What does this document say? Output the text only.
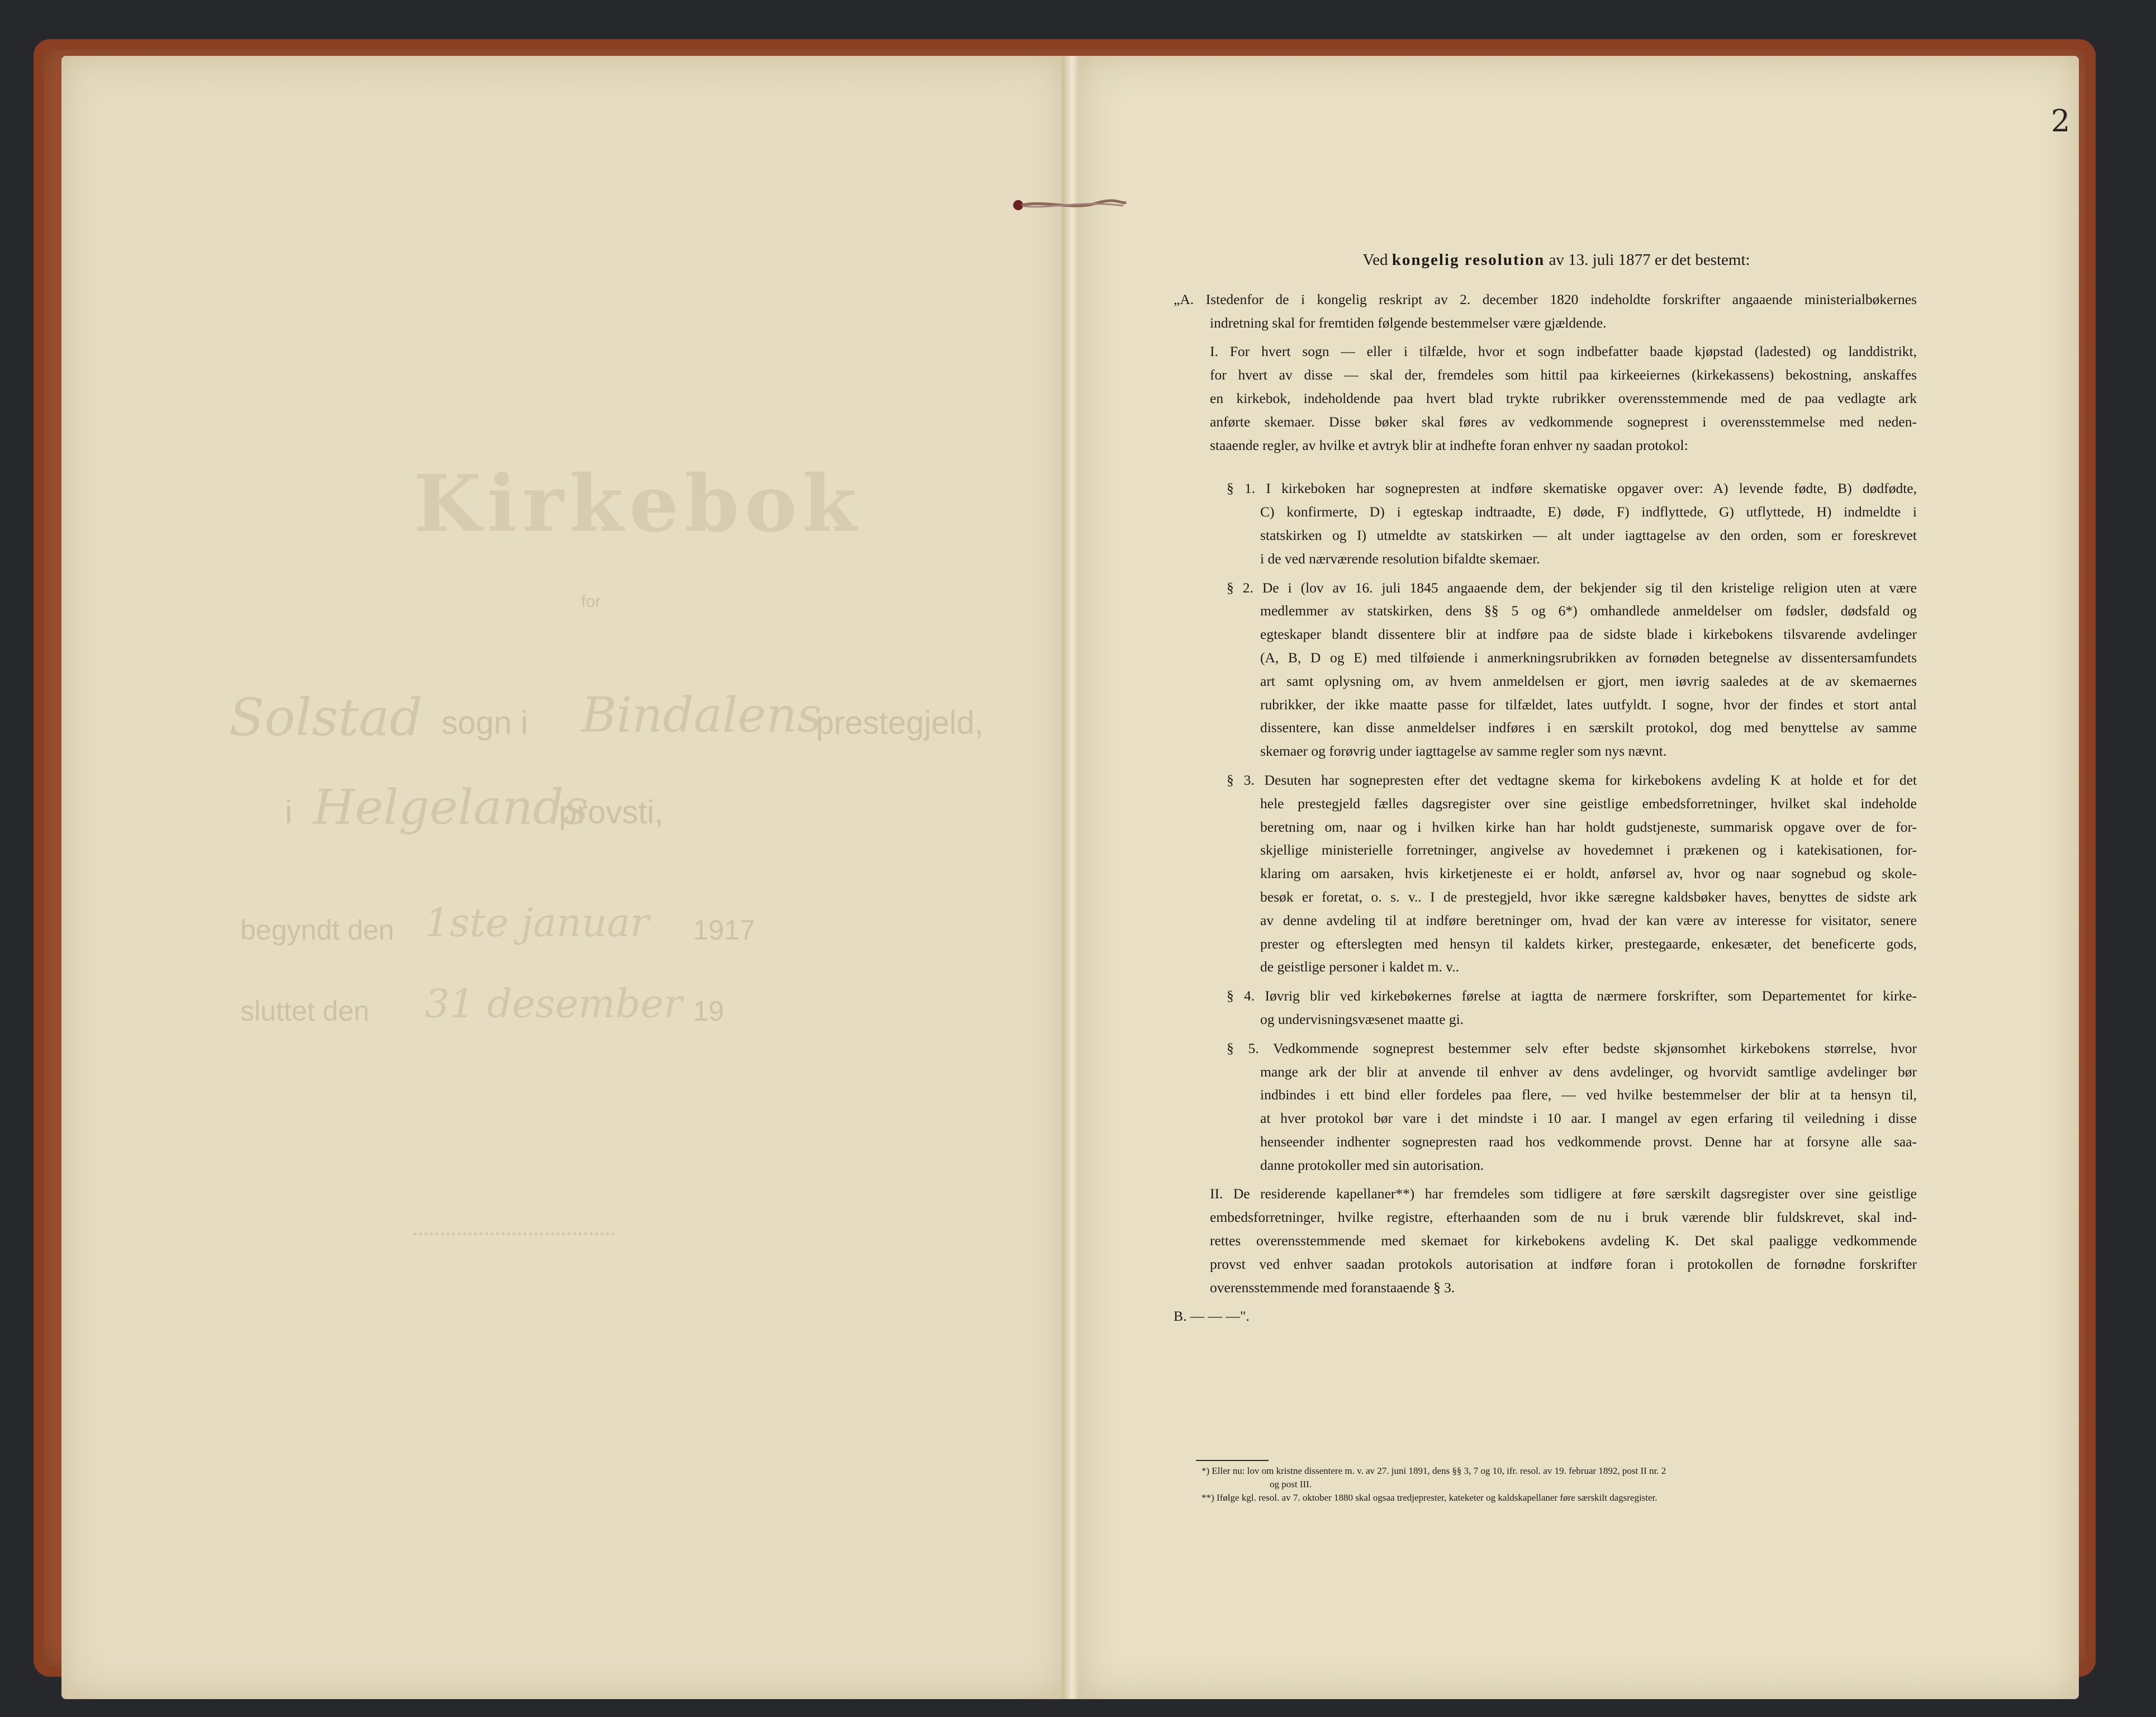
2
Kirkebok
for
Solstad sogn i Bindalens
prestegjeld,
i Helgelands
provsti,
begyndt den 1ste januar 1917
sluttet den 31 desember 19
Ved kongelig resolution av 13. juli 1877 er det bestemt:
„A. Istedenfor de i kongelig reskript av 2. december 1820 indeholdte forskrifter angaaende ministerialbøkernes
indretning skal for fremtiden følgende bestemmelser være gjældende.
I. For hvert sogn — eller i tilfælde, hvor et sogn indbefatter baade kjøpstad (ladested) og landdistrikt,
for hvert av disse — skal der, fremdeles som hittil paa kirkeeiernes (kirkekassens) bekostning, anskaffes
en kirkebok, indeholdende paa hvert blad trykte rubrikker overensstemmende med de paa vedlagte ark
anførte skemaer. Disse bøker skal føres av vedkommende sogneprest i overensstemmelse med neden-
staaende regler, av hvilke et avtryk blir at indhefte foran enhver ny saadan protokol:
§ 1. I kirkeboken har sognepresten at indføre skematiske opgaver over: A) levende fødte, B) dødfødte,
C) konfirmerte, D) i egteskap indtraadte, E) døde, F) indflyttede, G) utflyttede, H) indmeldte i
statskirken og I) utmeldte av statskirken — alt under iagttagelse av den orden, som er foreskrevet
i de ved nærværende resolution bifaldte skemaer.
§ 2. De i (lov av 16. juli 1845 angaaende dem, der bekjender sig til den kristelige religion uten at være
medlemmer av statskirken, dens §§ 5 og 6*) omhandlede anmeldelser om fødsler, dødsfald og
egteskaper blandt dissentere blir at indføre paa de sidste blade i kirkebokens tilsvarende avdelinger
(A, B, D og E) med tilføiende i anmerkningsrubrikken av fornøden betegnelse av dissentersamfundets
art samt oplysning om, av hvem anmeldelsen er gjort, men iøvrig saaledes at de av skemaernes
rubrikker, der ikke maatte passe for tilfældet, lates uutfyldt. I sogne, hvor der findes et stort antal
dissentere, kan disse anmeldelser indføres i en særskilt protokol, dog med benyttelse av samme
skemaer og forøvrig under iagttagelse av samme regler som nys nævnt.
§ 3. Desuten har sognepresten efter det vedtagne skema for kirkebokens avdeling K at holde et for det
hele prestegjeld fælles dagsregister over sine geistlige embedsforretninger, hvilket skal indeholde
beretning om, naar og i hvilken kirke han har holdt gudstjeneste, summarisk opgave over de for-
skjellige ministerielle forretninger, angivelse av hovedemnet i prækenen og i katekisationen, for-
klaring om aarsaken, hvis kirketjeneste ei er holdt, anførsel av, hvor og naar sognebud og skole-
besøk er foretat, o. s. v.. I de prestegjeld, hvor ikke særegne kaldsbøker haves, benyttes de sidste ark
av denne avdeling til at indføre beretninger om, hvad der kan være av interesse for visitator, senere
prester og efterslegten med hensyn til kaldets kirker, prestegaarde, enkesæter, det beneficerte gods,
de geistlige personer i kaldet m. v..
§ 4. Iøvrig blir ved kirkebøkernes førelse at iagtta de nærmere forskrifter, som Departementet for kirke-
og undervisningsvæsenet maatte gi.
§ 5. Vedkommende sogneprest bestemmer selv efter bedste skjønsomhet kirkebokens størrelse, hvor
mange ark der blir at anvende til enhver av dens avdelinger, og hvorvidt samtlige avdelinger bør
indbindes i ett bind eller fordeles paa flere, — ved hvilke bestemmelser der blir at ta hensyn til,
at hver protokol bør vare i det mindste i 10 aar. I mangel av egen erfaring til veiledning i disse
henseender indhenter sognepresten raad hos vedkommende provst. Denne har at forsyne alle saa-
danne protokoller med sin autorisation.
II. De residerende kapellaner**) har fremdeles som tidligere at føre særskilt dagsregister over sine geistlige
embedsforretninger, hvilke registre, efterhaanden som de nu i bruk værende blir fuldskrevet, skal ind-
rettes overensstemmende med skemaet for kirkebokens avdeling K. Det skal paaligge vedkommende
provst ved enhver saadan protokols autorisation at indføre foran i protokollen de fornødne forskrifter
overensstemmende med foranstaaende § 3.
B. — — —".
*) Eller nu: lov om kristne dissentere m. v. av 27. juni 1891, dens §§ 3, 7 og 10, ifr. resol. av 19. februar 1892, post II nr. 2
og post III.
**) Ifølge kgl. resol. av 7. oktober 1880 skal ogsaa tredjeprester, kateketer og kaldskapellaner føre særskilt dagsregister.
